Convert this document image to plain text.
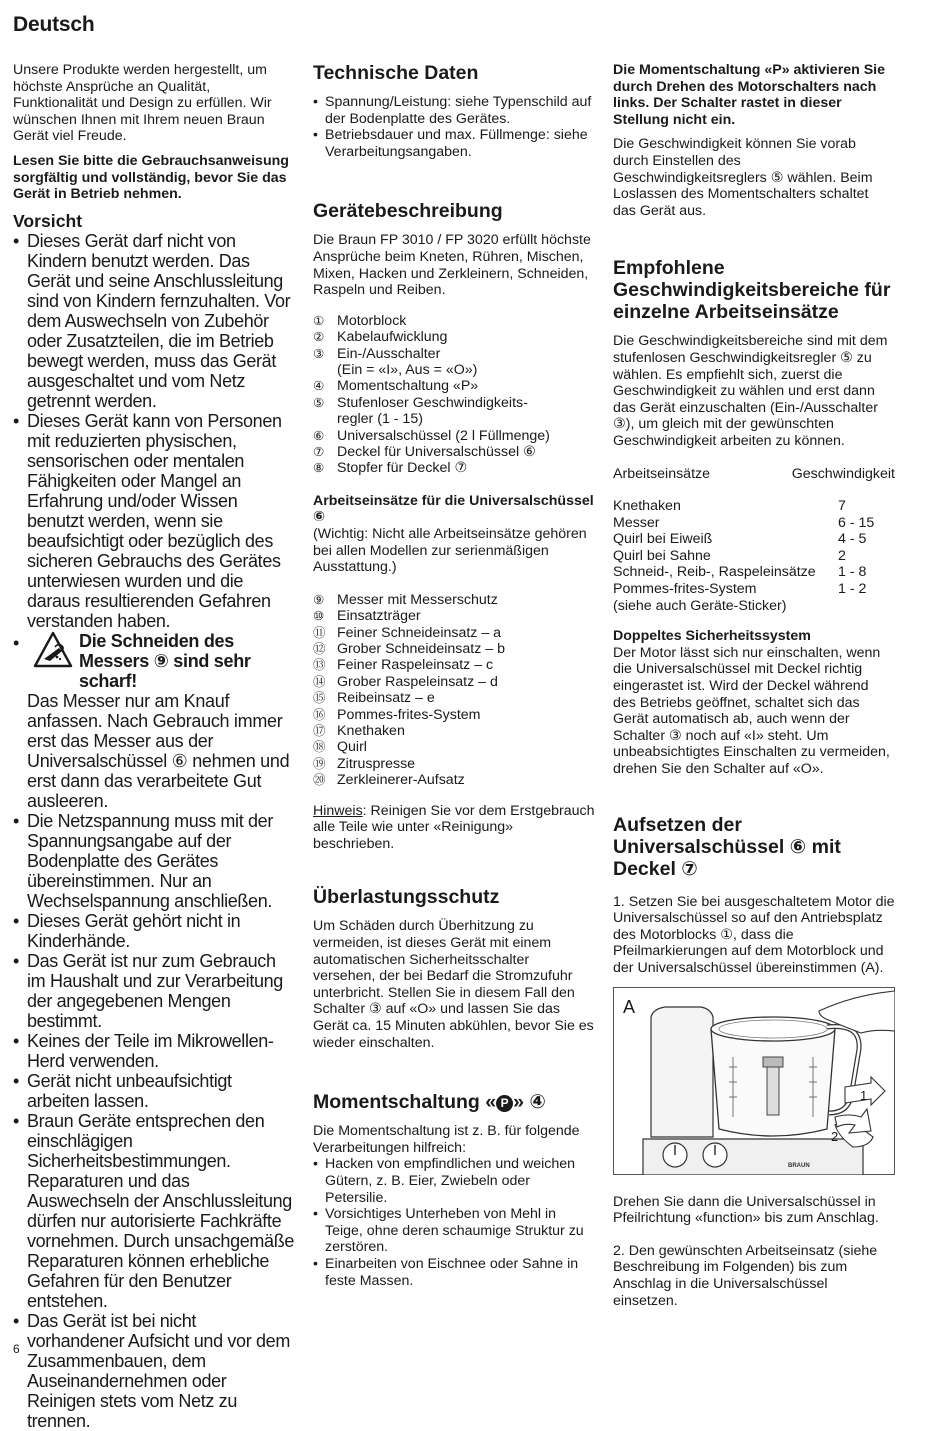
Deutsch

Unsere Produkte werden hergestellt, um höchste Ansprüche an Qualität, Funktionalität und Design zu erfüllen. Wir wünschen Ihnen mit Ihrem neuen Braun Gerät viel Freude.

Lesen Sie bitte die Gebrauchsanweisung sorgfältig und vollständig, bevor Sie das Gerät in Betrieb nehmen.

Vorsicht
• Dieses Gerät darf nicht von Kindern benutzt werden. Das Gerät und seine Anschlussleitung sind von Kindern fernzuhalten. Vor dem Auswechseln von Zubehör oder Zusatzteilen, die im Betrieb bewegt werden, muss das Gerät ausgeschaltet und vom Netz getrennt werden.
• Dieses Gerät kann von Personen mit reduzierten physischen, sensorischen oder mentalen Fähigkeiten oder Mangel an Erfahrung und/oder Wissen benutzt werden, wenn sie beaufsichtigt oder bezüglich des sicheren Gebrauchs des Gerätes unterwiesen wurden und die daraus resultierenden Gefahren verstanden haben.
•	Die Schneiden des Messers ⑨ sind sehr scharf!
Das Messer nur am Knauf anfassen. Nach Gebrauch immer erst das Messer aus der Universalschüssel ⑥ nehmen und erst dann das verarbeitete Gut ausleeren.
• Die Netzspannung muss mit der Spannungsangabe auf der Bodenplatte des Gerätes übereinstimmen. Nur an Wechselspannung anschließen.
• Dieses Gerät gehört nicht in Kinderhände.
• Das Gerät ist nur zum Gebrauch im Haushalt und zur Verarbeitung der angegebenen Mengen bestimmt.
• Keines der Teile im Mikrowellen-Herd verwenden.
• Gerät nicht unbeaufsichtigt arbeiten lassen.
• Braun Geräte entsprechen den einschlägigen Sicherheitsbestimmungen. Reparaturen und das Auswechseln der Anschlussleitung dürfen nur autorisierte Fachkräfte vornehmen. Durch unsachgemäße Reparaturen können erhebliche Gefahren für den Benutzer entstehen.
• Das Gerät ist bei nicht vorhandener Aufsicht und vor dem Zusammenbauen, dem Auseinandernehmen oder Reinigen stets vom Netz zu trennen.
Technische Daten
• Spannung/Leistung: siehe Typenschild auf der Bodenplatte des Gerätes.
• Betriebsdauer und max. Füllmenge: siehe Verarbeitungsangaben.
Gerätebeschreibung

Die Braun FP 3010 / FP 3020 erfüllt höchste Ansprüche beim Kneten, Rühren, Mischen, Mixen, Hacken und Zerkleinern, Schneiden, Raspeln und Reiben.

① Motorblock
② Kabelaufwicklung
③ Ein-/Ausschalter
(Ein = «I», Aus = «O»)
④ Momentschaltung «P»
⑤ Stufenloser Geschwindigkeits-
regler (1 - 15)
⑥ Universalschüssel (2 l Füllmenge)
⑦ Deckel für Universalschüssel ⑥
⑧ Stopfer für Deckel ⑦

Arbeitseinsätze für die Universalschüssel ⑥

(Wichtig: Nicht alle Arbeitseinsätze gehören bei allen Modellen zur serienmäßigen Ausstattung.)

⑨ Messer mit Messerschutz
⑩ Einsatzträger
⑪ Feiner Schneideinsatz – a
⑫ Grober Schneideinsatz – b
⑬ Feiner Raspeleinsatz – c
⑭ Grober Raspeleinsatz – d
⑮ Reibeinsatz – e
⑯ Pommes-frites-System
⑰ Knethaken
⑱ Quirl
⑲ Zitruspresse
⑳ Zerkleinerer-Aufsatz

Hinweis: Reinigen Sie vor dem Erstgebrauch alle Teile wie unter «Reinigung» beschrieben.

Überlastungsschutz

Um Schäden durch Überhitzung zu vermeiden, ist dieses Gerät mit einem automatischen Sicherheitsschalter versehen, der bei Bedarf die Stromzufuhr unterbricht. Stellen Sie in diesem Fall den Schalter ③ auf «O» und lassen Sie das Gerät ca. 15 Minuten abkühlen, bevor Sie es wieder einschalten.

Momentschaltung « P » ④

Die Momentschaltung ist z. B. für folgende Verarbeitungen hilfreich:

• Hacken von empfindlichen und weichen Gütern, z. B. Eier, Zwiebeln oder Petersilie.
• Vorsichtiges Unterheben von Mehl in Teige, ohne deren schaumige Struktur zu zerstören.
• Einarbeiten von Eischnee oder Sahne in feste Massen.

Die Momentschaltung «P» aktivieren Sie durch Drehen des Motorschalters nach links. Der Schalter rastet in dieser Stellung nicht ein.

Die Geschwindigkeit können Sie vorab durch Einstellen des Geschwindigkeitsreglers ⑤ wählen. Beim Loslassen des Momentschalters schaltet das Gerät aus.

Empfohlene Geschwindigkeitsbereiche für einzelne Arbeitseinsätze

Die Geschwindigkeitsbereiche sind mit dem stufenlosen Geschwindigkeitsregler ⑤ zu wählen. Es empfiehlt sich, zuerst die Geschwindigkeit zu wählen und erst dann das Gerät einzuschalten (Ein-/Ausschalter ③), um gleich mit der gewünschten Geschwindigkeit arbeiten zu können.

Arbeitseinsätze	Geschwindigkeit
Knethaken	7
Messer	6 - 15
Quirl bei Eiweiß	4 - 5
Quirl bei Sahne	2
Schneid-, Reib-, Raspeleinsätze	1 - 8
Pommes-frites-System	1 - 2
(siehe auch Geräte-Sticker)

Doppeltes Sicherheitssystem

Der Motor lässt sich nur einschalten, wenn die Universalschüssel mit Deckel richtig eingerastet ist. Wird der Deckel während des Betriebs geöffnet, schaltet sich das Gerät automatisch ab, auch wenn der Schalter ③ noch auf «I» steht. Um unbeabsichtigtes Einschalten zu vermeiden, drehen Sie den Schalter auf «O».

Aufsetzen der Universalschüssel ⑥ mit Deckel ⑦

1. Setzen Sie bei ausgeschaltetem Motor die Universalschüssel so auf den Antriebsplatz des Motorblocks ①, dass die Pfeilmarkierungen auf dem Motorblock und der Universalschüssel übereinstimmen (A).

A
BRAUN
1
2

Drehen Sie dann die Universalschüssel in Pfeilrichtung «function» bis zum Anschlag.

2. Den gewünschten Arbeitseinsatz (siehe Beschreibung im Folgenden) bis zum Anschlag in die Universalschüssel einsetzen.

6
